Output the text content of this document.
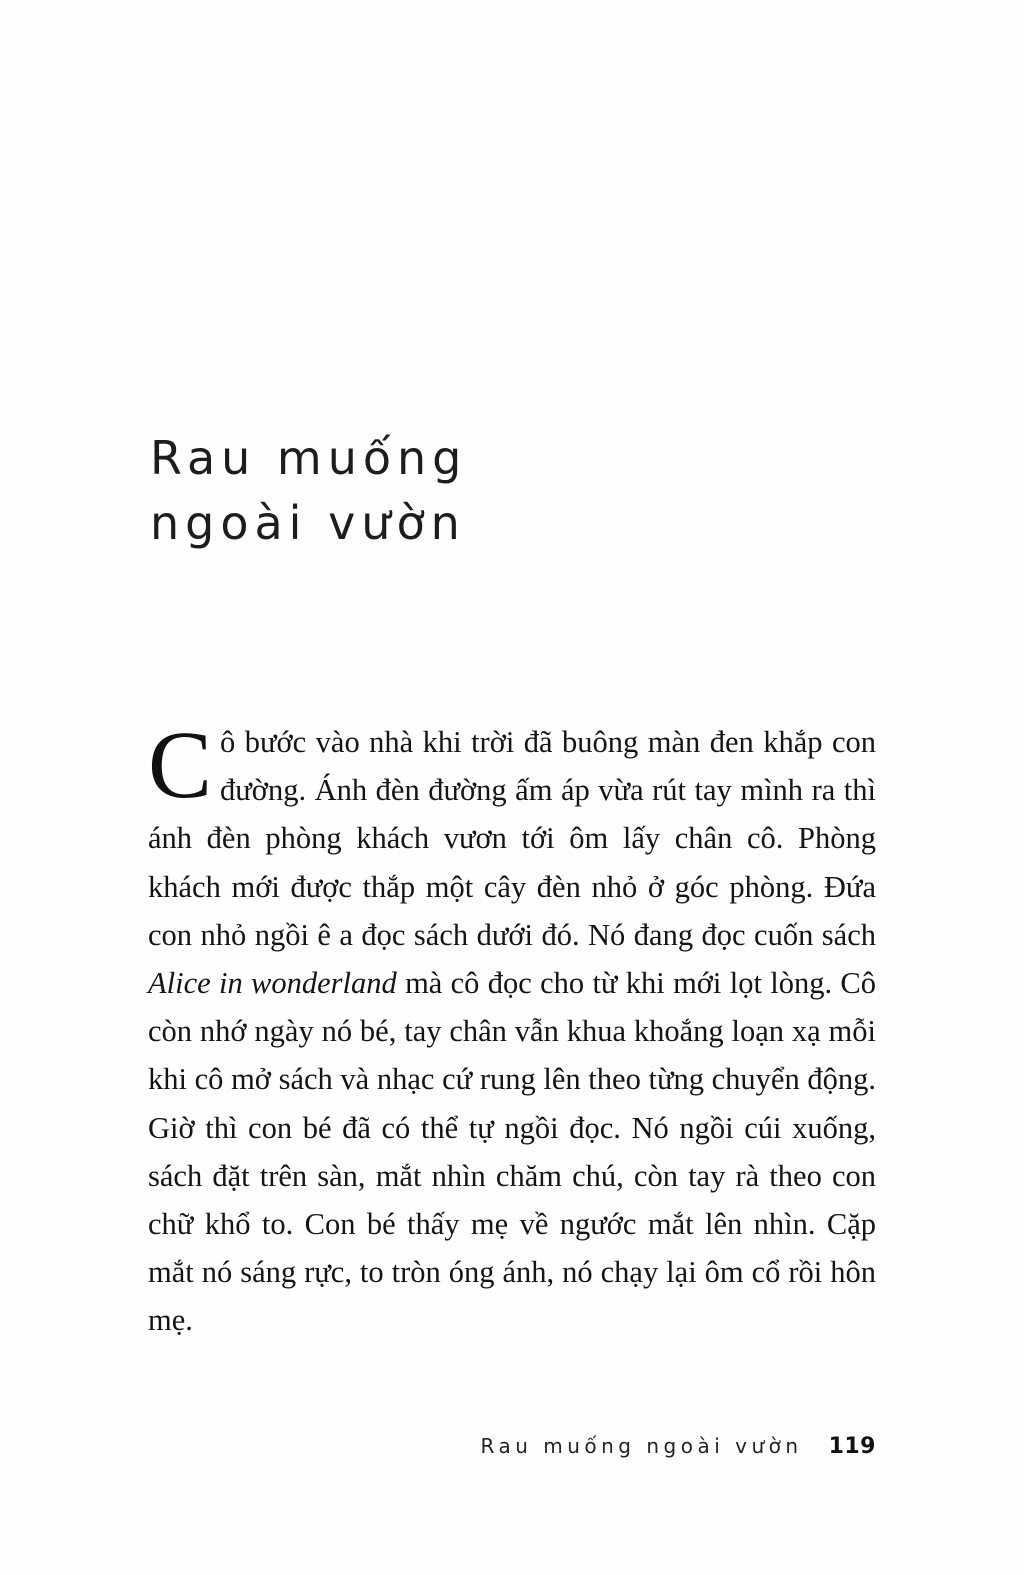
Rau muống
ngoài vườn

Cô bước vào nhà khi trời đã buông màn đen khắp con đường. Ánh đèn đường ấm áp vừa rút tay mình ra thì ánh đèn phòng khách vươn tới ôm lấy chân cô. Phòng khách mới được thắp một cây đèn nhỏ ở góc phòng. Đứa con nhỏ ngồi ê a đọc sách dưới đó. Nó đang đọc cuốn sách Alice in wonderland mà cô đọc cho từ khi mới lọt lòng. Cô còn nhớ ngày nó bé, tay chân vẫn khua khoắng loạn xạ mỗi khi cô mở sách và nhạc cứ rung lên theo từng chuyển động. Giờ thì con bé đã có thể tự ngồi đọc. Nó ngồi cúi xuống, sách đặt trên sàn, mắt nhìn chăm chú, còn tay rà theo con chữ khổ to. Con bé thấy mẹ về ngước mắt lên nhìn. Cặp mắt nó sáng rực, to tròn óng ánh, nó chạy lại ôm cổ rồi hôn mẹ.

Rau muống ngoài vườn 119
